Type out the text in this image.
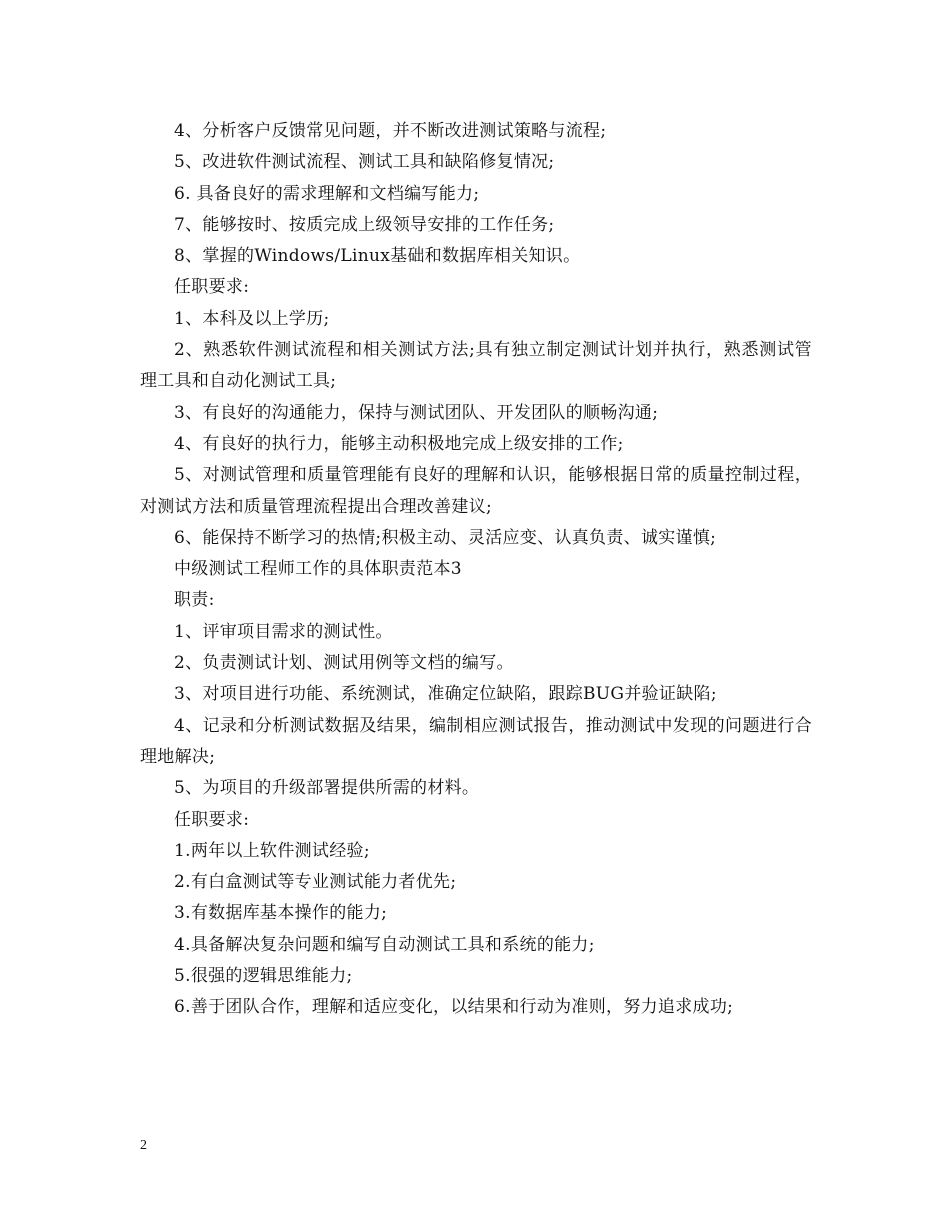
4、分析客户反馈常见问题，并不断改进测试策略与流程;

5、改进软件测试流程、测试工具和缺陷修复情况;

6. 具备良好的需求理解和文档编写能力;

7、能够按时、按质完成上级领导安排的工作任务;

8、掌握的Windows/Linux基础和数据库相关知识。

任职要求:

1、本科及以上学历;

2、熟悉软件测试流程和相关测试方法;具有独立制定测试计划并执行，熟悉测试管理工具和自动化测试工具;

3、有良好的沟通能力，保持与测试团队、开发团队的顺畅沟通;

4、有良好的执行力，能够主动积极地完成上级安排的工作;

5、对测试管理和质量管理能有良好的理解和认识，能够根据日常的质量控制过程，对测试方法和质量管理流程提出合理改善建议;

6、能保持不断学习的热情;积极主动、灵活应变、认真负责、诚实谨慎;

中级测试工程师工作的具体职责范本3

职责:

1、评审项目需求的测试性。

2、负责测试计划、测试用例等文档的编写。

3、对项目进行功能、系统测试，准确定位缺陷，跟踪BUG并验证缺陷;

4、记录和分析测试数据及结果，编制相应测试报告，推动测试中发现的问题进行合理地解决;

5、为项目的升级部署提供所需的材料。

任职要求:

1.两年以上软件测试经验;

2.有白盒测试等专业测试能力者优先;

3.有数据库基本操作的能力;

4.具备解决复杂问题和编写自动测试工具和系统的能力;

5.很强的逻辑思维能力;

6.善于团队合作，理解和适应变化，以结果和行动为准则，努力追求成功;

2
